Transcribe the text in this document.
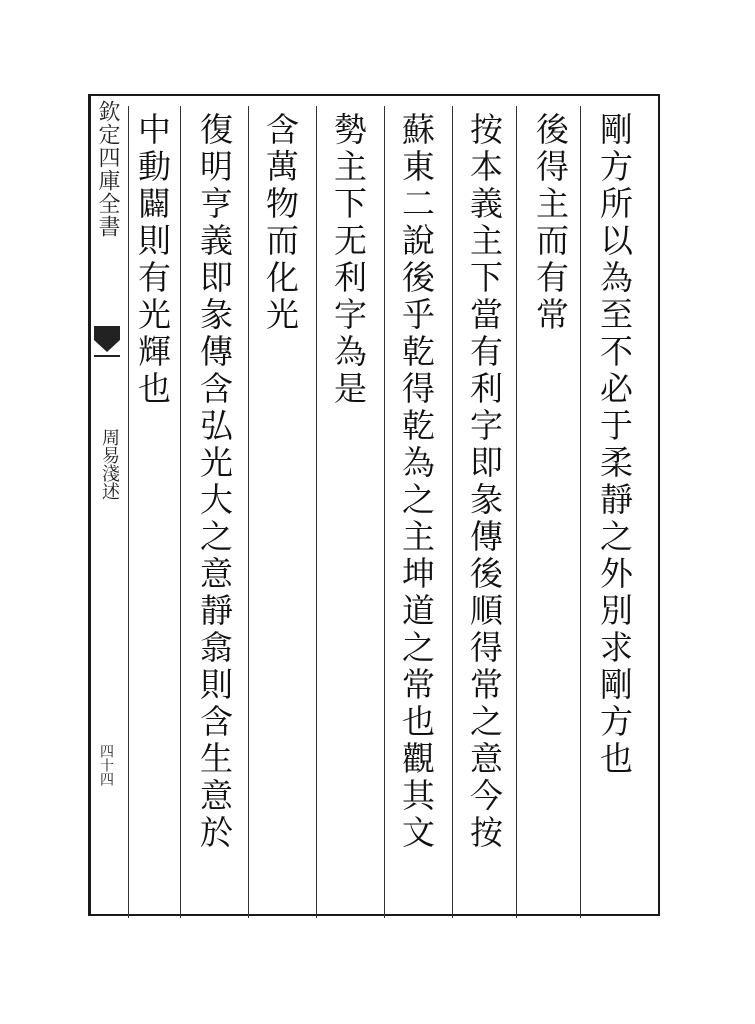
欽定四庫全書
周易淺述
四十四	剛方所以為至不必于柔靜之外別求剛方也
後得主而有常
按本義主下當有利字即彖傳後順得常之意今按
蘇東二說後乎乾得乾為之主坤道之常也觀其文
勢主下无利字為是
含萬物而化光
復明亨義即彖傳含弘光大之意靜翕則含生意於
中動闢則有光輝也
